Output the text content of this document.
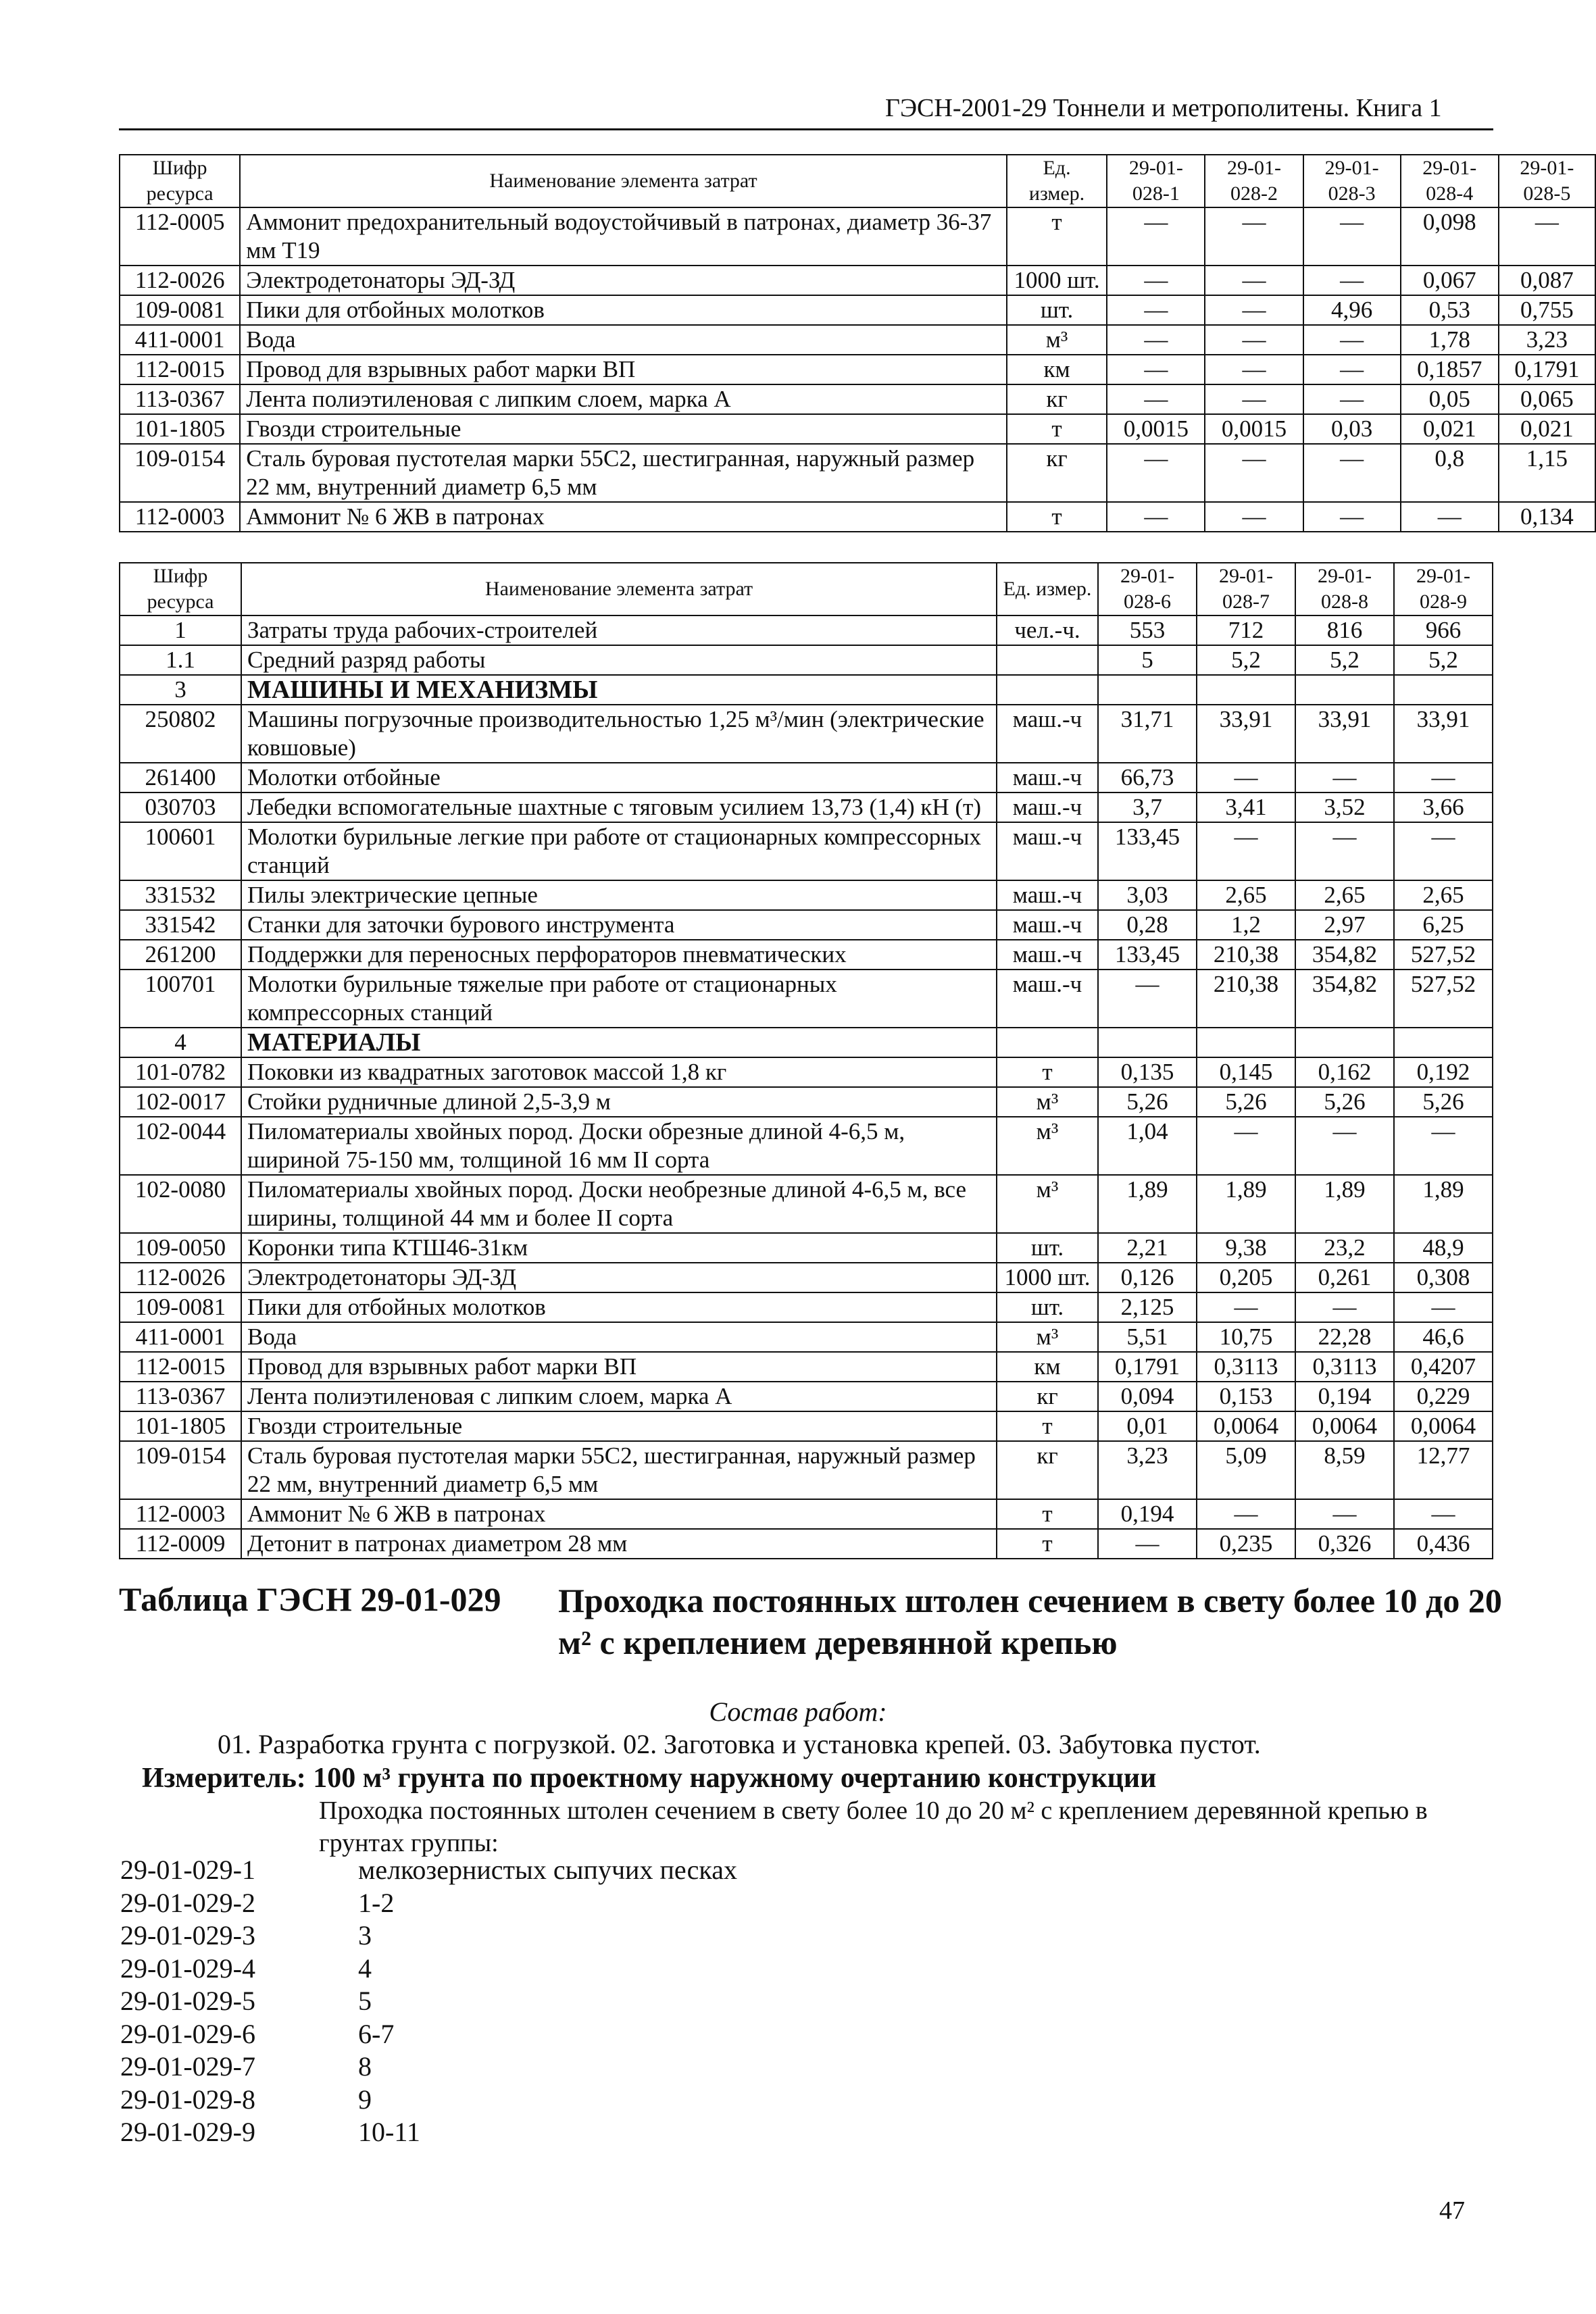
ГЭСН-2001-29 Тоннели и метрополитены. Книга 1
Шифр ресурса	Наименование элемента затрат	Ед. измер.	29-01-028-1	29-01-028-2	29-01-028-3	29-01-028-4	29-01-028-5
112-0005	Аммонит предохранительный водоустойчивый в патронах, диаметр 36-37 мм Т19	т	—	—	—	0,098	—
112-0026	Электродетонаторы ЭД-ЗД	1000 шт.	—	—	—	0,067	0,087
109-0081	Пики для отбойных молотков	шт.	—	—	4,96	0,53	0,755
411-0001	Вода	м³	—	—	—	1,78	3,23
112-0015	Провод для взрывных работ марки ВП	км	—	—	—	0,1857	0,1791
113-0367	Лента полиэтиленовая с липким слоем, марка А	кг	—	—	—	0,05	0,065
101-1805	Гвозди строительные	т	0,0015	0,0015	0,03	0,021	0,021
109-0154	Сталь буровая пустотелая марки 55С2, шестигранная, наружный размер 22 мм, внутренний диаметр 6,5 мм	кг	—	—	—	0,8	1,15
112-0003	Аммонит № 6 ЖВ в патронах	т	—	—	—	—	0,134
Шифр ресурса	Наименование элемента затрат	Ед. измер.	29-01-028-6	29-01-028-7	29-01-028-8	29-01-028-9
1	Затраты труда рабочих-строителей	чел.-ч.	553	712	816	966
1.1	Средний разряд работы		5	5,2	5,2	5,2
3	МАШИНЫ И МЕХАНИЗМЫ					
250802	Машины погрузочные производительностью 1,25 м³/мин (электрические ковшовые)	маш.-ч	31,71	33,91	33,91	33,91
261400	Молотки отбойные	маш.-ч	66,73	—	—	—
030703	Лебедки вспомогательные шахтные с тяговым усилием 13,73 (1,4) кН (т)	маш.-ч	3,7	3,41	3,52	3,66
100601	Молотки бурильные легкие при работе от стационарных компрессорных станций	маш.-ч	133,45	—	—	—
331532	Пилы электрические цепные	маш.-ч	3,03	2,65	2,65	2,65
331542	Станки для заточки бурового инструмента	маш.-ч	0,28	1,2	2,97	6,25
261200	Поддержки для переносных перфораторов пневматических	маш.-ч	133,45	210,38	354,82	527,52
100701	Молотки бурильные тяжелые при работе от стационарных компрессорных станций	маш.-ч	—	210,38	354,82	527,52
4	МАТЕРИАЛЫ					
101-0782	Поковки из квадратных заготовок массой 1,8 кг	т	0,135	0,145	0,162	0,192
102-0017	Стойки рудничные длиной 2,5-3,9 м	м³	5,26	5,26	5,26	5,26
102-0044	Пиломатериалы хвойных пород. Доски обрезные длиной 4-6,5 м, шириной 75-150 мм, толщиной 16 мм II сорта	м³	1,04	—	—	—
102-0080	Пиломатериалы хвойных пород. Доски необрезные длиной 4-6,5 м, все ширины, толщиной 44 мм и более II сорта	м³	1,89	1,89	1,89	1,89
109-0050	Коронки типа КТШ46-31км	шт.	2,21	9,38	23,2	48,9
112-0026	Электродетонаторы ЭД-ЗД	1000 шт.	0,126	0,205	0,261	0,308
109-0081	Пики для отбойных молотков	шт.	2,125	—	—	—
411-0001	Вода	м³	5,51	10,75	22,28	46,6
112-0015	Провод для взрывных работ марки ВП	км	0,1791	0,3113	0,3113	0,4207
113-0367	Лента полиэтиленовая с липким слоем, марка А	кг	0,094	0,153	0,194	0,229
101-1805	Гвозди строительные	т	0,01	0,0064	0,0064	0,0064
109-0154	Сталь буровая пустотелая марки 55С2, шестигранная, наружный размер 22 мм, внутренний диаметр 6,5 мм	кг	3,23	5,09	8,59	12,77
112-0003	Аммонит № 6 ЖВ в патронах	т	0,194	—	—	—
112-0009	Детонит в патронах диаметром 28 мм	т	—	0,235	0,326	0,436
Таблица ГЭСН 29-01-029 Проходка постоянных штолен сечением в свету более 10 до 20 м² с креплением деревянной крепью
Состав работ:
01. Разработка грунта с погрузкой. 02. Заготовка и установка крепей. 03. Забутовка пустот.
Измеритель: 100 м³ грунта по проектному наружному очертанию конструкции
Проходка постоянных штолен сечением в свету более 10 до 20 м² с креплением деревянной крепью в грунтах группы:
29-01-029-1	мелкозернистых сыпучих песках
29-01-029-2	1-2
29-01-029-3	3
29-01-029-4	4
29-01-029-5	5
29-01-029-6	6-7
29-01-029-7	8
29-01-029-8	9
29-01-029-9	10-11
47
